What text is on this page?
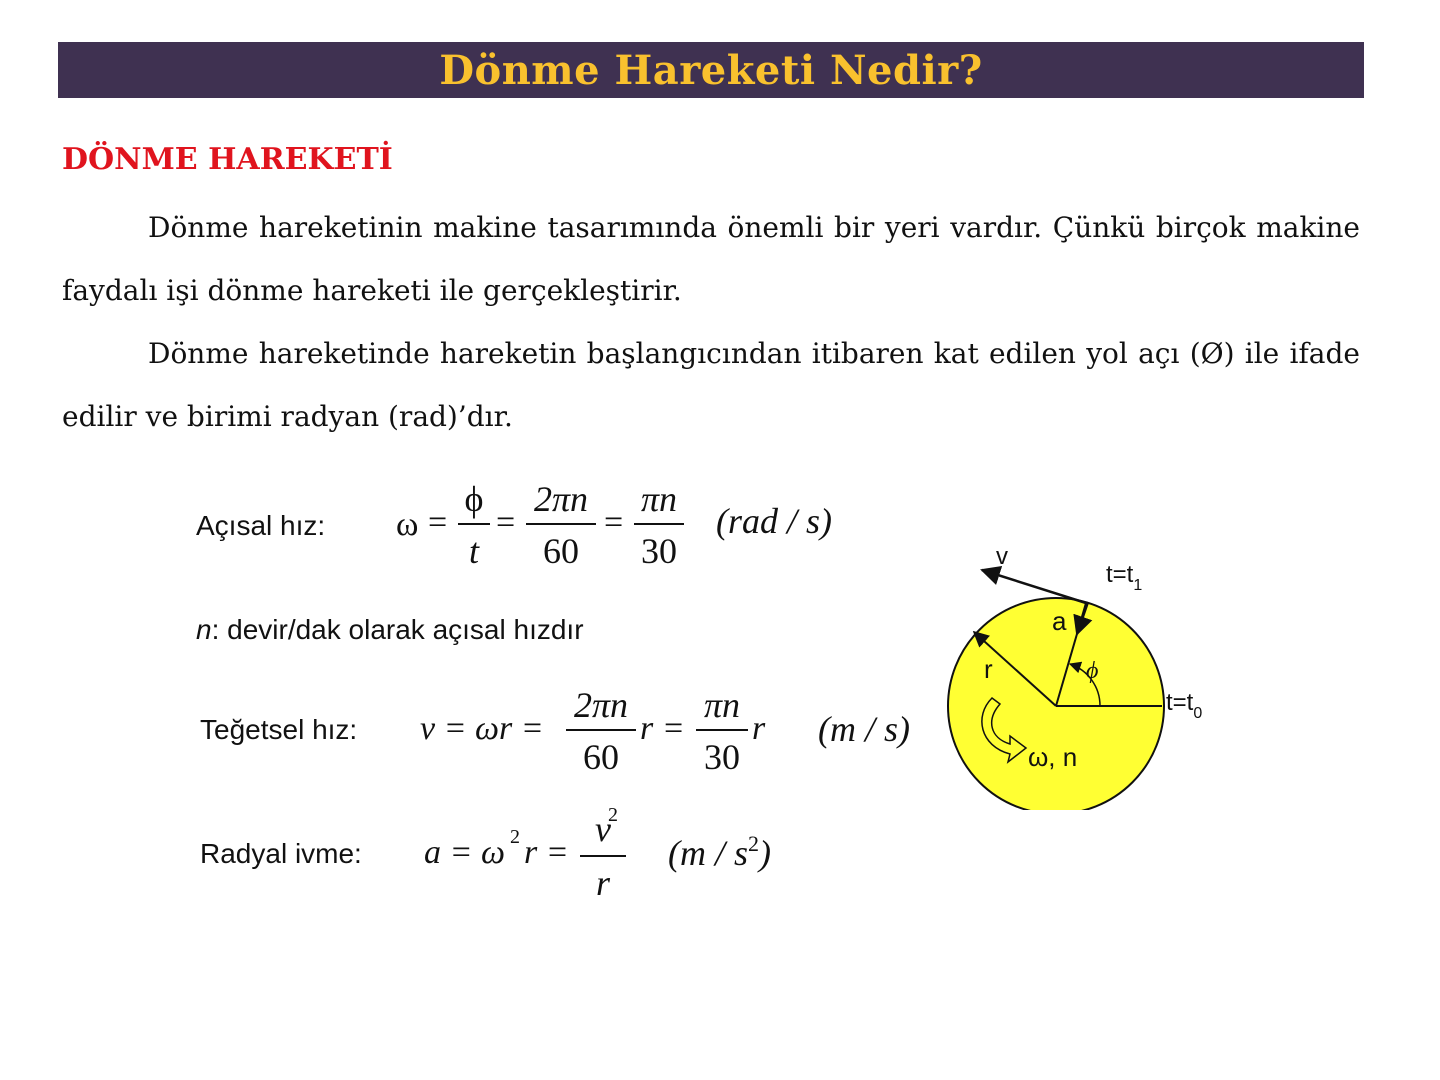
Dönme Hareketi Nedir?
DÖNME HAREKETİ
Dönme hareketinin makine tasarımında önemli bir yeri vardır. Çünkü birçok makine faydalı işi dönme hareketi ile gerçekleştirir.
Dönme hareketinde hareketin başlangıcından itibaren kat edilen yol açı (Ø) ile ifade edilir ve birimi radyan (rad)’dır.
Açısal hız: ω =
ϕ
t
=
2πn
60
=
πn
30
(rad / s)
n: devir/dak olarak açısal hızdır
Teğetsel hız: v = ωr =
2πn
60
r =
πn
30
r (m / s)
Radyal ivme: a = ω 2 r =
v
2
r
$(m / s^2)$
v
$t=t_1$
$t=t_0$
a
r	ϕ
ω, n
